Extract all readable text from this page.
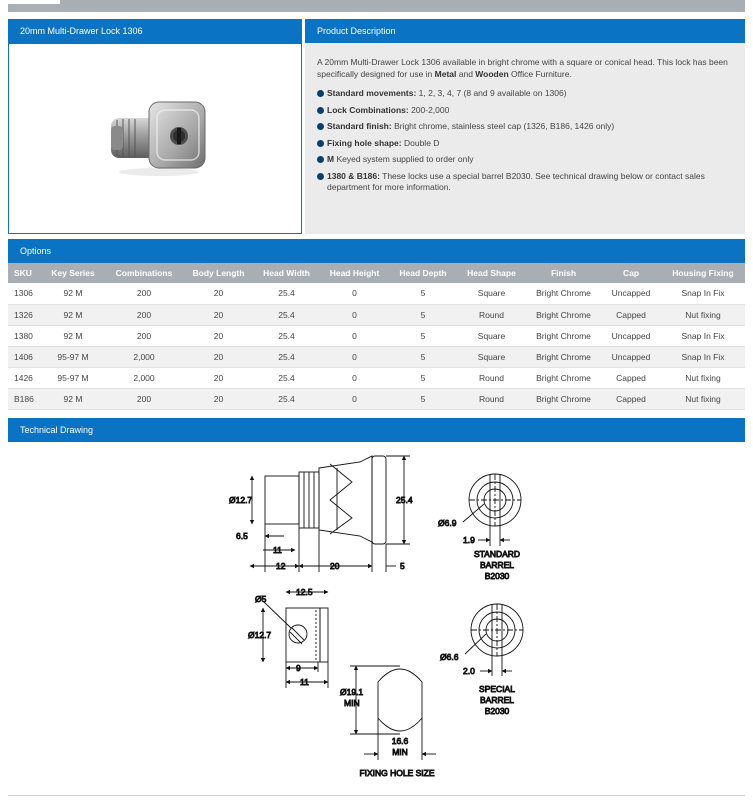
20mm Multi-Drawer Lock 1306	Product Description

A 20mm Multi-Drawer Lock 1306 available in bright chrome with a square or conical head. This lock has been specifically designed for use in Metal and Wooden Office Furniture.

Standard movements: 1, 2, 3, 4, 7 (8 and 9 available on 1306)
Lock Combinations: 200-2,000
Standard finish: Bright chrome, stainless steel cap (1326, B186, 1426 only)
Fixing hole shape: Double D
M Keyed system supplied to order only
1380 & B186: These locks use a special barrel B2030. See technical drawing below or contact sales department for more information.
Options
SKU	Key Series	Combinations	Body Length	Head Width	Head Height	Head Depth	Head Shape	Finish	Cap	Housing Fixing
1306	92 M	200	20	25.4	0	5	Square	Bright Chrome	Uncapped	Snap In Fix
1326	92 M	200	20	25.4	0	5	Round	Bright Chrome	Capped	Nut fixing
1380	92 M	200	20	25.4	0	5	Square	Bright Chrome	Uncapped	Snap In Fix
1406	95-97 M	2,000	20	25.4	0	5	Square	Bright Chrome	Uncapped	Snap In Fix
1426	95-97 M	2,000	20	25.4	0	5	Round	Bright Chrome	Capped	Nut fixing
B186	92 M	200	20	25.4	0	5	Round	Bright Chrome	Capped	Nut fixing
Technical Drawing
Ø12.7	25.4
6.5
11
12	20	5
Ø5
Ø12.7
12.5
9
11
Ø6.9
1.9
STANDARD
BARREL
B2030
Ø6.6
2.0
SPECIAL
BARREL
B2030
Ø19.1
MIN
16.6
MIN
FIXING HOLE SIZE
